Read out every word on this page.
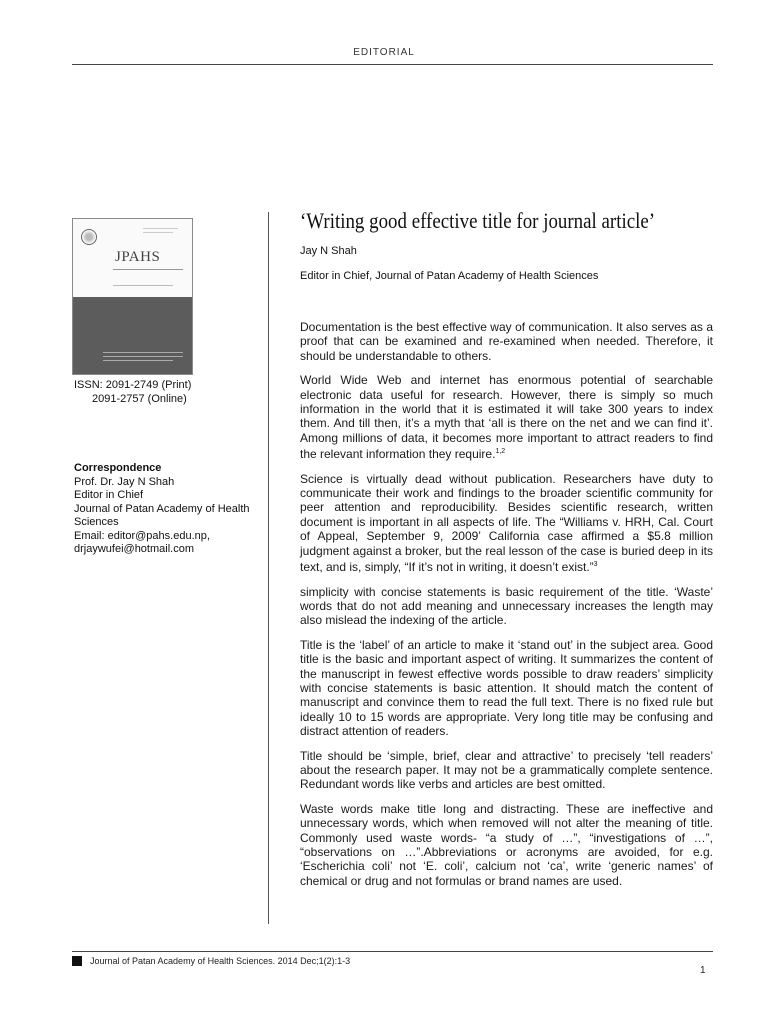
EDITORIAL
JPAHS
ISSN: 2091-2749 (Print)
2091-2757 (Online)
Correspondence
Prof. Dr. Jay N Shah
Editor in Chief
Journal of Patan Academy of Health
Sciences
Email: editor@pahs.edu.np,
drjaywufei@hotmail.com
‘Writing good effective title for journal article’
Jay N Shah
Editor in Chief, Journal of Patan Academy of Health Sciences

Documentation is the best effective way of communication. It also serves as a proof that can be examined and re-examined when needed. Therefore, it should be understandable to others.

World Wide Web and internet has enormous potential of searchable electronic data useful for research. However, there is simply so much information in the world that it is estimated it will take 300 years to index them. And till then, it’s a myth that ‘all is there on the net and we can find it’. Among millions of data, it becomes more important to attract readers to find the relevant information they require.$^{1,2}$

Science is virtually dead without publication. Researchers have duty to communicate their work and findings to the broader scientific community for peer attention and reproducibility. Besides scientific research, written document is important in all aspects of life. The “Williams v. HRH, Cal. Court of Appeal, September 9, 2009’ California case affirmed a $5.8 million judgment against a broker, but the real lesson of the case is buried deep in its text, and is, simply, “If it’s not in writing, it doesn’t exist.”$^3$

simplicity with concise statements is basic requirement of the title. ‘Waste’ words that do not add meaning and unnecessary increases the length may also mislead the indexing of the article.

Title is the ‘label’ of an article to make it ‘stand out’ in the subject area. Good title is the basic and important aspect of writing. It summarizes the content of the manuscript in fewest effective words possible to draw readers’ simplicity with concise statements is basic attention. It should match the content of manuscript and convince them to read the full text. There is no fixed rule but ideally 10 to 15 words are appropriate. Very long title may be confusing and distract attention of readers.

Title should be ‘simple, brief, clear and attractive’ to precisely ‘tell readers’ about the research paper. It may not be a grammatically complete sentence. Redundant words like verbs and articles are best omitted.

Waste words make title long and distracting. These are ineffective and unnecessary words, which when removed will not alter the meaning of title. Commonly used waste words- “a study of …”, “investigations of …”, “observations on …”.Abbreviations or acronyms are avoided, for e.g. ‘Escherichia coli’ not ‘E. coli’, calcium not ‘ca’, write ‘generic names’ of chemical or drug and not formulas or brand names are used.

Journal of Patan Academy of Health Sciences. 2014 Dec;1(2):1-3
1
